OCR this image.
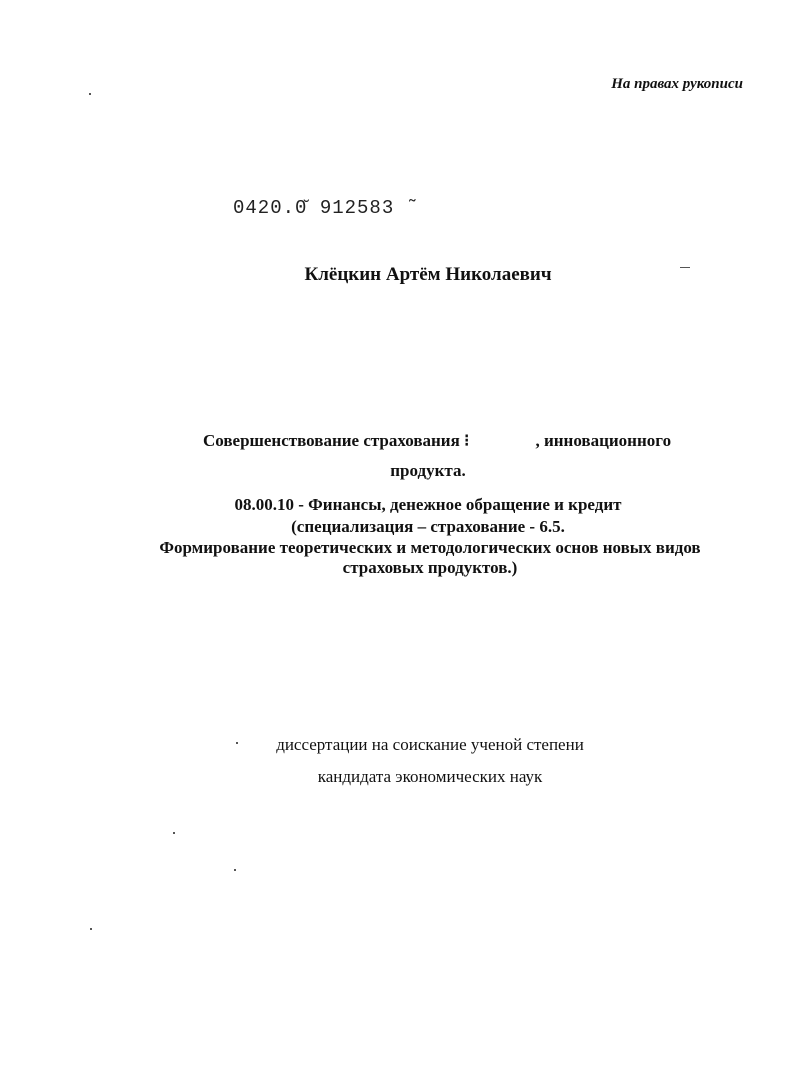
На правах рукописи
0420.0̆ 912583 ˜
Клёцкин Артём Николаевич
Совершенствование страхования ⁝	, инновационного
продукта.
08.00.10 - Финансы, денежное обращение и кредит
(специализация – страхование - 6.5.
Формирование теоретических и методологических основ новых видов
страховых продуктов.)
диссертации на соискание ученой степени
кандидата экономических наук
